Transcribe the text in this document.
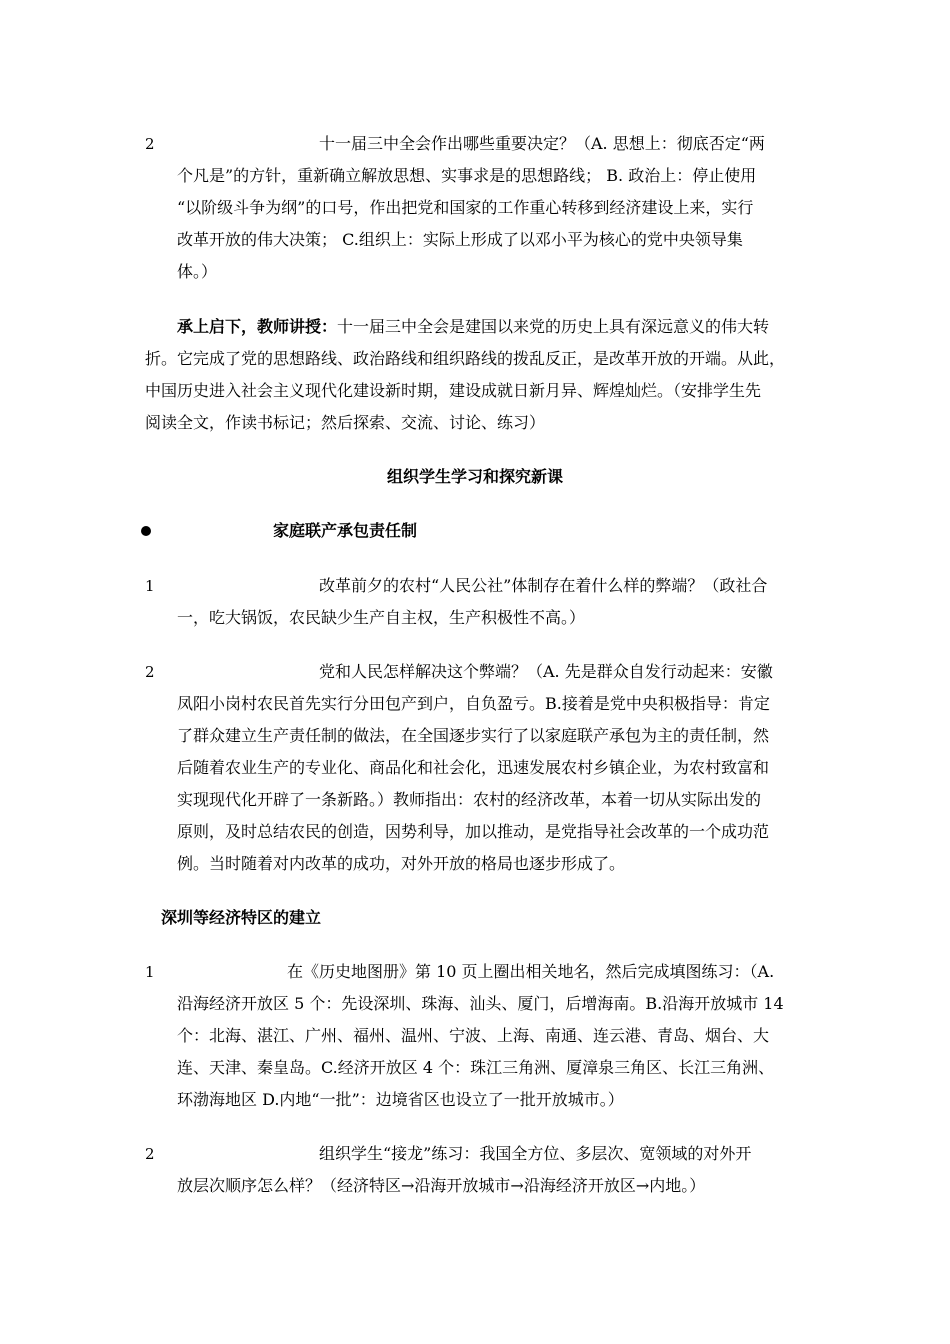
2	十一届三中全会作出哪些重要决定？（A. 思想上：彻底否定“两
个凡是”的方针，重新确立解放思想、实事求是的思想路线； B. 政治上：停止使用
“以阶级斗争为纲”的口号，作出把党和国家的工作重心转移到经济建设上来，实行
改革开放的伟大决策； C.组织上：实际上形成了以邓小平为核心的党中央领导集
体。）
承上启下，教师讲授：十一届三中全会是建国以来党的历史上具有深远意义的伟大转
折。它完成了党的思想路线、政治路线和组织路线的拨乱反正，是改革开放的开端。从此，
中国历史进入社会主义现代化建设新时期，建设成就日新月异、辉煌灿烂。（安排学生先
阅读全文，作读书标记；然后探索、交流、讨论、练习）
组织学生学习和探究新课
家庭联产承包责任制
1	改革前夕的农村“人民公社”体制存在着什么样的弊端？（政社合
一，吃大锅饭，农民缺少生产自主权，生产积极性不高。）
2	党和人民怎样解决这个弊端？（A. 先是群众自发行动起来：安徽
凤阳小岗村农民首先实行分田包产到户，自负盈亏。B.接着是党中央积极指导：肯定
了群众建立生产责任制的做法，在全国逐步实行了以家庭联产承包为主的责任制，然
后随着农业生产的专业化、商品化和社会化，迅速发展农村乡镇企业，为农村致富和
实现现代化开辟了一条新路。）教师指出：农村的经济改革，本着一切从实际出发的
原则，及时总结农民的创造，因势利导，加以推动，是党指导社会改革的一个成功范
例。当时随着对内改革的成功，对外开放的格局也逐步形成了。
深圳等经济特区的建立
1	在《历史地图册》第 10 页上圈出相关地名，然后完成填图练习：（A.
沿海经济开放区 5 个：先设深圳、珠海、汕头、厦门，后增海南。B.沿海开放城市 14
个：北海、湛江、广州、福州、温州、宁波、上海、南通、连云港、青岛、烟台、大
连、天津、秦皇岛。C.经济开放区 4 个：珠江三角洲、厦漳泉三角区、长江三角洲、
环渤海地区 D.内地“一批”：边境省区也设立了一批开放城市。）
2	组织学生“接龙”练习：我国全方位、多层次、宽领域的对外开
放层次顺序怎么样？（经济特区→沿海开放城市→沿海经济开放区→内地。）
